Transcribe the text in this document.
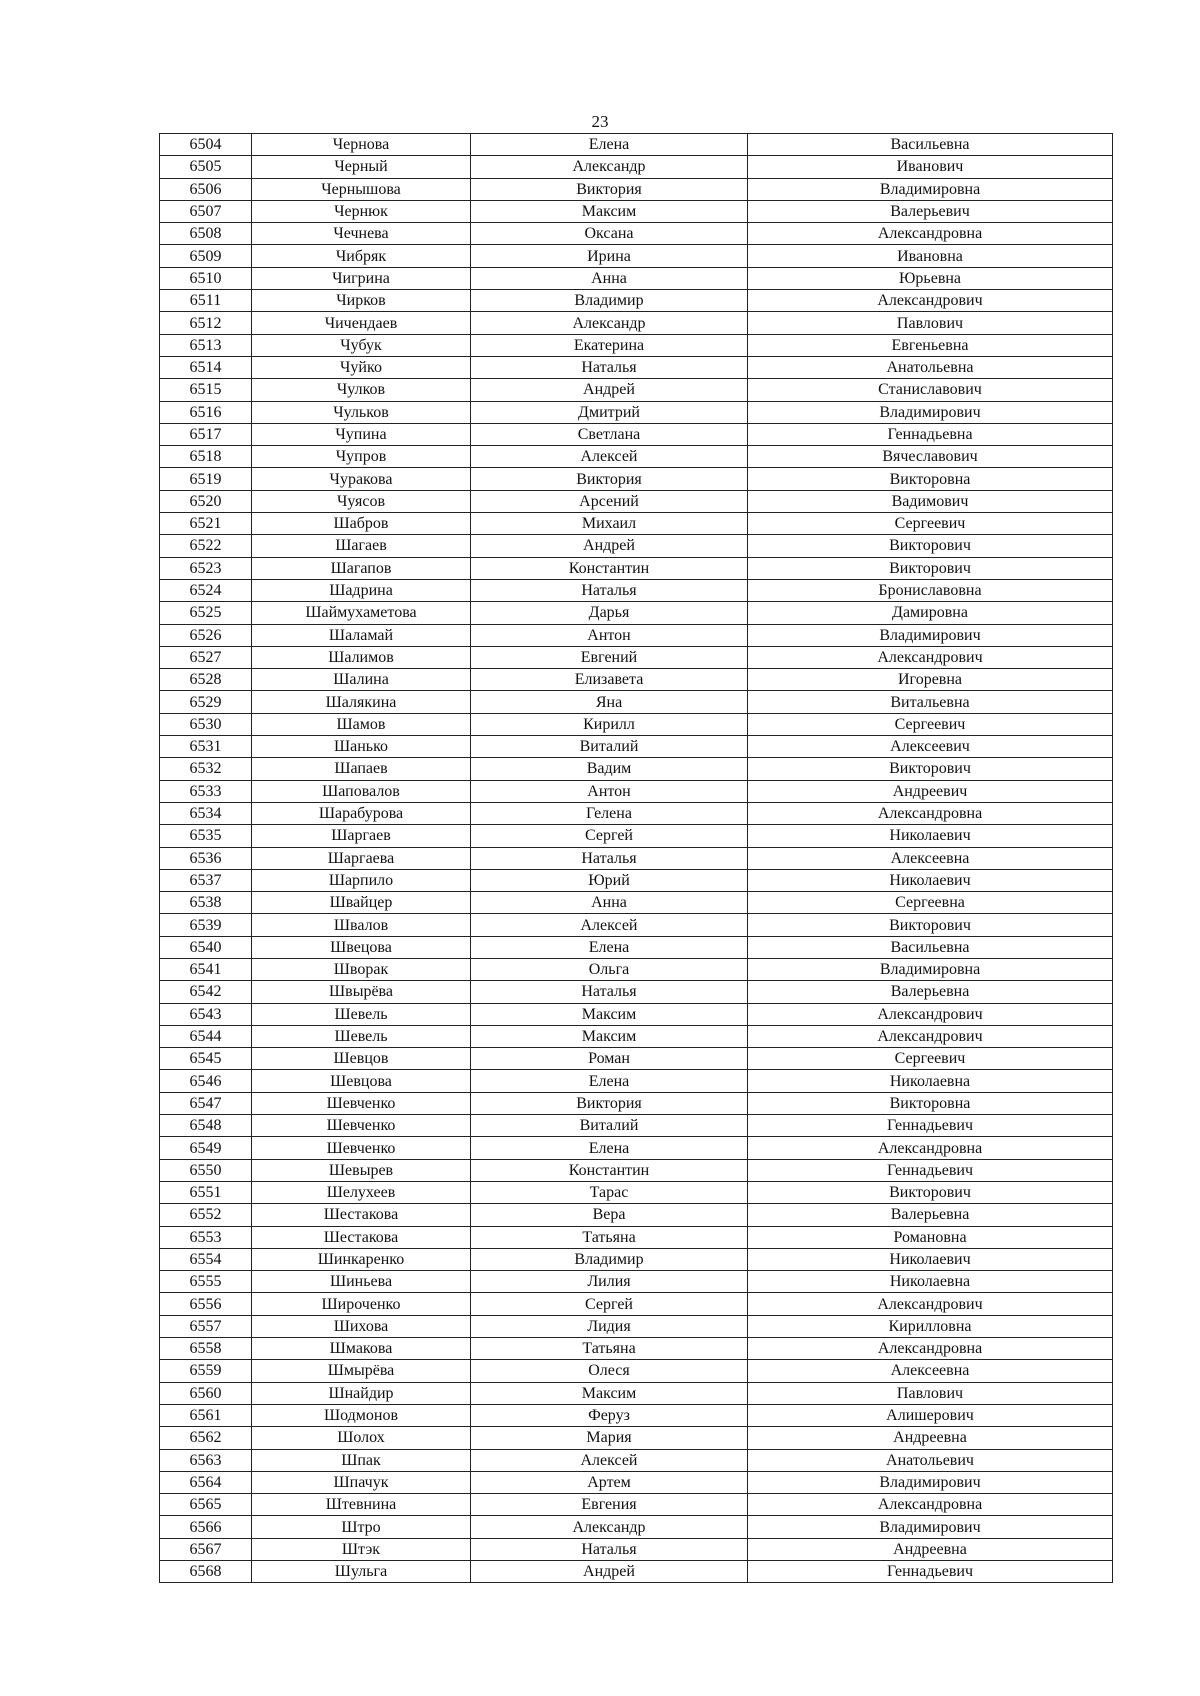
23
6504	Чернова	Елена	Васильевна
6505	Черный	Александр	Иванович
6506	Чернышова	Виктория	Владимировна
6507	Чернюк	Максим	Валерьевич
6508	Чечнева	Оксана	Александровна
6509	Чибряк	Ирина	Ивановна
6510	Чигрина	Анна	Юрьевна
6511	Чирков	Владимир	Александрович
6512	Чичендаев	Александр	Павлович
6513	Чубук	Екатерина	Евгеньевна
6514	Чуйко	Наталья	Анатольевна
6515	Чулков	Андрей	Станиславович
6516	Чульков	Дмитрий	Владимирович
6517	Чупина	Светлана	Геннадьевна
6518	Чупров	Алексей	Вячеславович
6519	Чуракова	Виктория	Викторовна
6520	Чуясов	Арсений	Вадимович
6521	Шабров	Михаил	Сергеевич
6522	Шагаев	Андрей	Викторович
6523	Шагапов	Константин	Викторович
6524	Шадрина	Наталья	Брониславовна
6525	Шаймухаметова	Дарья	Дамировна
6526	Шаламай	Антон	Владимирович
6527	Шалимов	Евгений	Александрович
6528	Шалина	Елизавета	Игоревна
6529	Шалякина	Яна	Витальевна
6530	Шамов	Кирилл	Сергеевич
6531	Шанько	Виталий	Алексеевич
6532	Шапаев	Вадим	Викторович
6533	Шаповалов	Антон	Андреевич
6534	Шарабурова	Гелена	Александровна
6535	Шаргаев	Сергей	Николаевич
6536	Шаргаева	Наталья	Алексеевна
6537	Шарпило	Юрий	Николаевич
6538	Швайцер	Анна	Сергеевна
6539	Швалов	Алексей	Викторович
6540	Швецова	Елена	Васильевна
6541	Шворак	Ольга	Владимировна
6542	Швырёва	Наталья	Валерьевна
6543	Шевель	Максим	Александрович
6544	Шевель	Максим	Александрович
6545	Шевцов	Роман	Сергеевич
6546	Шевцова	Елена	Николаевна
6547	Шевченко	Виктория	Викторовна
6548	Шевченко	Виталий	Геннадьевич
6549	Шевченко	Елена	Александровна
6550	Шевырев	Константин	Геннадьевич
6551	Шелухеев	Тарас	Викторович
6552	Шестакова	Вера	Валерьевна
6553	Шестакова	Татьяна	Романовна
6554	Шинкаренко	Владимир	Николаевич
6555	Шиньева	Лилия	Николаевна
6556	Широченко	Сергей	Александрович
6557	Шихова	Лидия	Кирилловна
6558	Шмакова	Татьяна	Александровна
6559	Шмырёва	Олеся	Алексеевна
6560	Шнайдир	Максим	Павлович
6561	Шодмонов	Феруз	Алишерович
6562	Шолох	Мария	Андреевна
6563	Шпак	Алексей	Анатольевич
6564	Шпачук	Артем	Владимирович
6565	Штевнина	Евгения	Александровна
6566	Штро	Александр	Владимирович
6567	Штэк	Наталья	Андреевна
6568	Шульга	Андрей	Геннадьевич
